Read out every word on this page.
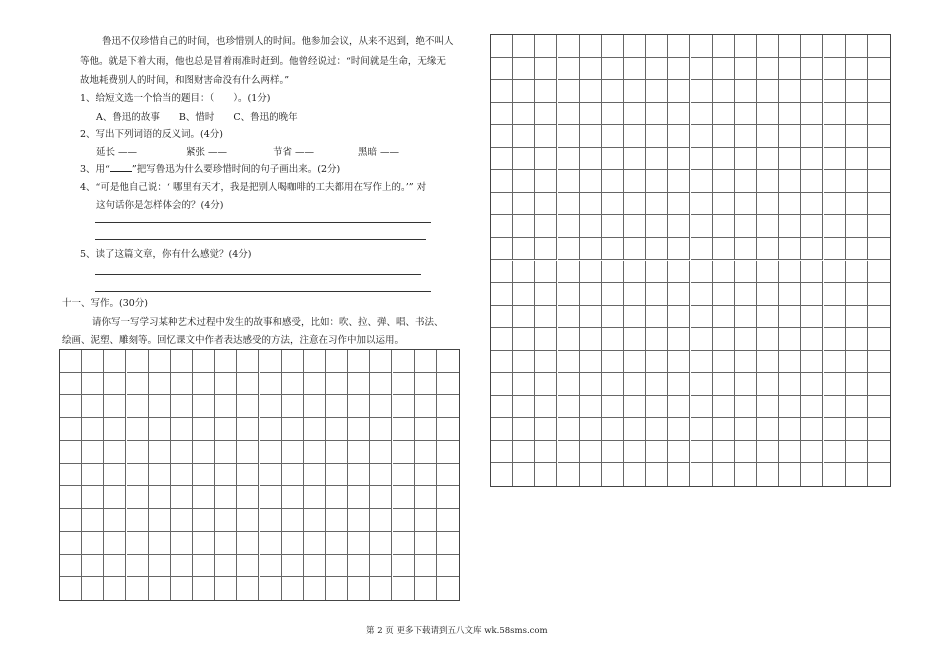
鲁迅不仅珍惜自己的时间，也珍惜别人的时间。他参加会议，从来不迟到，绝不叫人
等他。就是下着大雨，他也总是冒着雨准时赶到。他曾经说过：“时间就是生命，无缘无
故地耗费别人的时间，和图财害命没有什么两样。”
1、给短文选一个恰当的题目：（　　）。(1分)
A、鲁迅的故事　　B、惜时　　C、鲁迅的晚年
2、写出下列词语的反义词。(4分)
延长 ——	紧张 ——	节省 ——	黑暗 ——
3、用“ ”把写鲁迅为什么要珍惜时间的句子画出来。(2分)
4、“可是他自己说：‘ 哪里有天才，我是把别人喝咖啡的工夫都用在写作上的。’” 对
这句话你是怎样体会的？(4分)
5、读了这篇文章，你有什么感觉？(4分)
十一、写作。(30分)
请你写一写学习某种艺术过程中发生的故事和感受，比如：吹、拉、弹、唱、书法、
绘画、泥塑、雕刻等。回忆课文中作者表达感受的方法，注意在习作中加以运用。
第 2 页 更多下载请到五八文库 wk.58sms.com
